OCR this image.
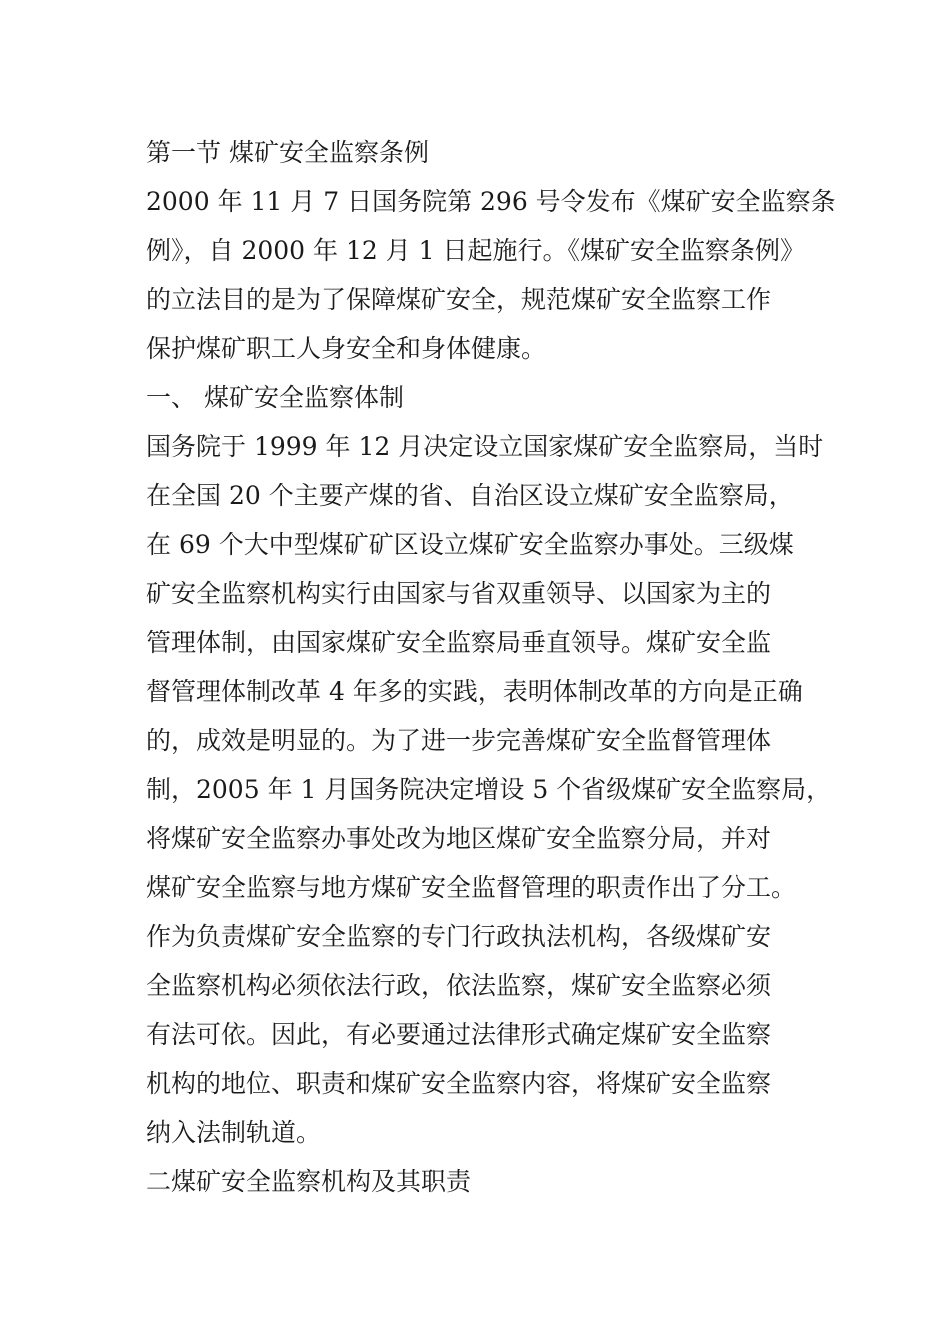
第一节 煤矿安全监察条例
2000 年 11 月 7 日国务院第 296 号令发布《煤矿安全监察条
例》，自 2000 年 12 月 1 日起施行。《煤矿安全监察条例》
的立法目的是为了保障煤矿安全，规范煤矿安全监察工作
保护煤矿职工人身安全和身体健康。
一、 煤矿安全监察体制
国务院于 1999 年 12 月决定设立国家煤矿安全监察局，当时
在全国 20 个主要产煤的省、自治区设立煤矿安全监察局，
在 69 个大中型煤矿矿区设立煤矿安全监察办事处。三级煤
矿安全监察机构实行由国家与省双重领导、以国家为主的
管理体制，由国家煤矿安全监察局垂直领导。煤矿安全监
督管理体制改革 4 年多的实践，表明体制改革的方向是正确
的，成效是明显的。为了进一步完善煤矿安全监督管理体
制，2005 年 1 月国务院决定增设 5 个省级煤矿安全监察局，
将煤矿安全监察办事处改为地区煤矿安全监察分局，并对
煤矿安全监察与地方煤矿安全监督管理的职责作出了分工。
作为负责煤矿安全监察的专门行政执法机构，各级煤矿安
全监察机构必须依法行政，依法监察，煤矿安全监察必须
有法可依。因此，有必要通过法律形式确定煤矿安全监察
机构的地位、职责和煤矿安全监察内容，将煤矿安全监察
纳入法制轨道。
二煤矿安全监察机构及其职责
